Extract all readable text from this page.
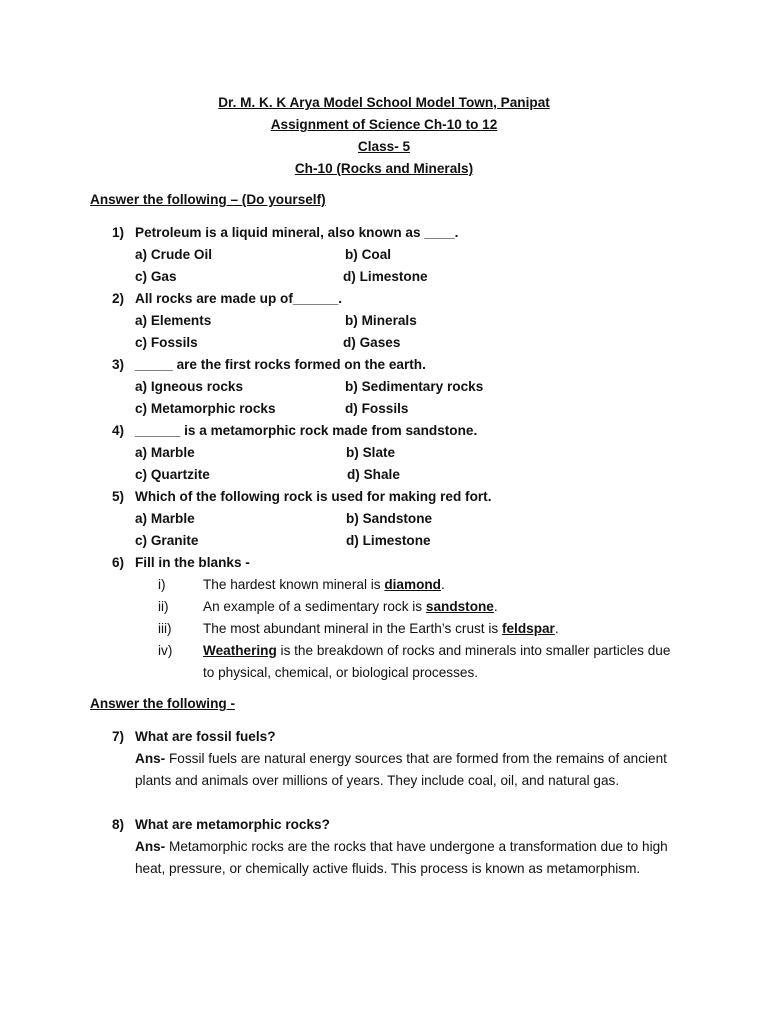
Dr. M. K. K Arya Model School Model Town, Panipat
Assignment of Science Ch-10 to 12
Class- 5
Ch-10 (Rocks and Minerals)
Answer the following – (Do yourself)
1) Petroleum is a liquid mineral, also known as ____.
a) Crude Oil	b) Coal
c) Gas	d) Limestone
2) All rocks are made up of______.
a) Elements	b) Minerals
c) Fossils	d) Gases
3) _____ are the first rocks formed on the earth.
a) Igneous rocks	b) Sedimentary rocks
c) Metamorphic rocks	d) Fossils
4) ______ is a metamorphic rock made from sandstone.
a) Marble	b) Slate
c) Quartzite	d) Shale
5) Which of the following rock is used for making red fort.
a) Marble	b) Sandstone
c) Granite	d) Limestone
6) Fill in the blanks -
i)	The hardest known mineral is diamond.
ii)	An example of a sedimentary rock is sandstone.
iii) The most abundant mineral in the Earth’s crust is feldspar.
iv) Weathering is the breakdown of rocks and minerals into smaller particles due to physical, chemical, or biological processes.
Answer the following -
7) What are fossil fuels?
Ans- Fossil fuels are natural energy sources that are formed from the remains of ancient plants and animals over millions of years. They include coal, oil, and natural gas.
8) What are metamorphic rocks?
Ans- Metamorphic rocks are the rocks that have undergone a transformation due to high heat, pressure, or chemically active fluids. This process is known as metamorphism.
